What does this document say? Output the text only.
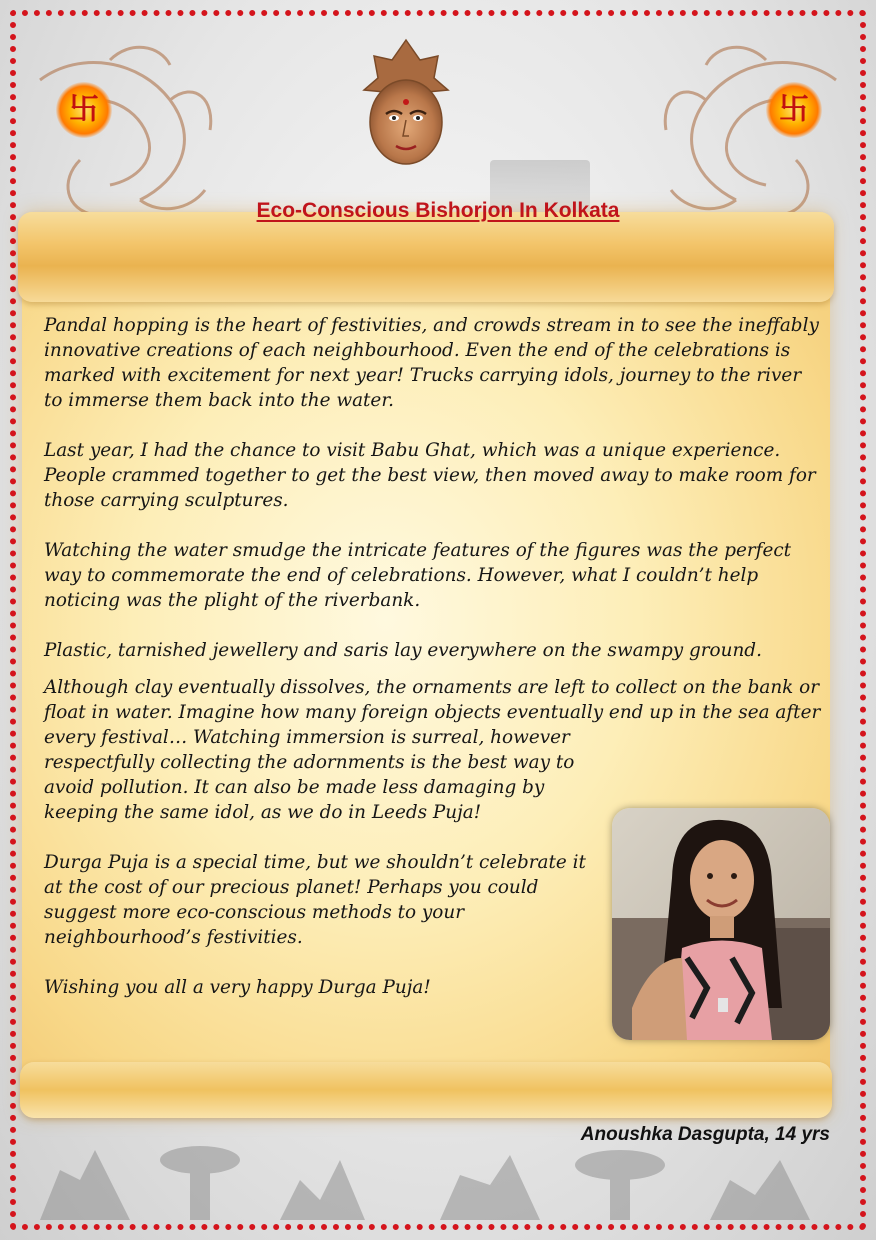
卐	卐
Eco-Conscious Bishorjon In Kolkata

Pandal hopping is the heart of festivities, and crowds stream in to see the ineffably innovative creations of each neighbourhood. Even the end of the celebrations is marked with excitement for next year! Trucks carrying idols, journey to the river to immerse them back into the water.

Last year, I had the chance to visit Babu Ghat, which was a unique experience. People crammed together to get the best view, then moved away to make room for those carrying sculptures.

Watching the water smudge the intricate features of the figures was the perfect way to commemorate the end of celebrations. However, what I couldn’t help noticing was the plight of the riverbank.

Plastic, tarnished jewellery and saris lay everywhere on the swampy ground.

Although clay eventually dissolves, the ornaments are left to collect on the bank or float in water. Imagine how many foreign objects eventually end up in the sea after every festival… Watching immersion is surreal, however

respectfully collecting the adornments is the best way to avoid pollution. It can also be made less damaging by keeping the same idol, as we do in Leeds Puja!

Durga Puja is a special time, but we shouldn’t celebrate it at the cost of our precious planet! Perhaps you could suggest more eco-conscious methods to your neighbourhood’s festivities.

Wishing you all a very happy Durga Puja!

Anoushka Dasgupta, 14 yrs
